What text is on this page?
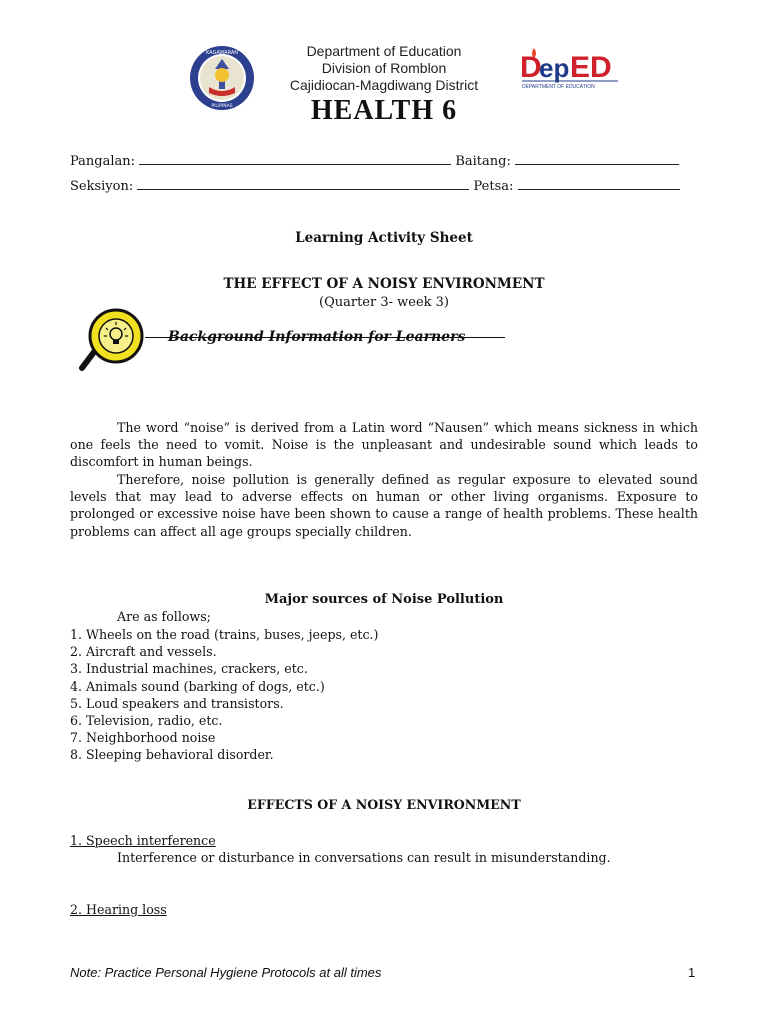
KAGAWARAN
PILIPINAS
Department of Education
Division of Romblon
Cajidiocan-Magdiwang District
D
ep ED
DEPARTMENT OF EDUCATION
HEALTH 6
Pangalan:	Baitang:
Seksiyon:	Petsa:
Learning Activity Sheet
THE EFFECT OF A NOISY ENVIRONMENT
(Quarter 3- week 3)
Background Information for Learners
The word “noise” is derived from a Latin word “Nausen” which means sickness in which one feels the need to vomit. Noise is the unpleasant and undesirable sound which leads to discomfort in human beings.
Therefore, noise pollution is generally defined as regular exposure to elevated sound levels that may lead to adverse effects on human or other living organisms. Exposure to prolonged or excessive noise have been shown to cause a range of health problems. These health problems can affect all age groups specially children.
Major sources of Noise Pollution
Are as follows;
1. Wheels on the road (trains, buses, jeeps, etc.)
2. Aircraft and vessels.
3. Industrial machines, crackers, etc.
4. Animals sound (barking of dogs, etc.)
5. Loud speakers and transistors.
6. Television, radio, etc.
7. Neighborhood noise
8. Sleeping behavioral disorder.
EFFECTS OF A NOISY ENVIRONMENT
1. Speech interference
Interference or disturbance in conversations can result in misunderstanding.
2. Hearing loss
Note: Practice Personal Hygiene Protocols at all times	1
